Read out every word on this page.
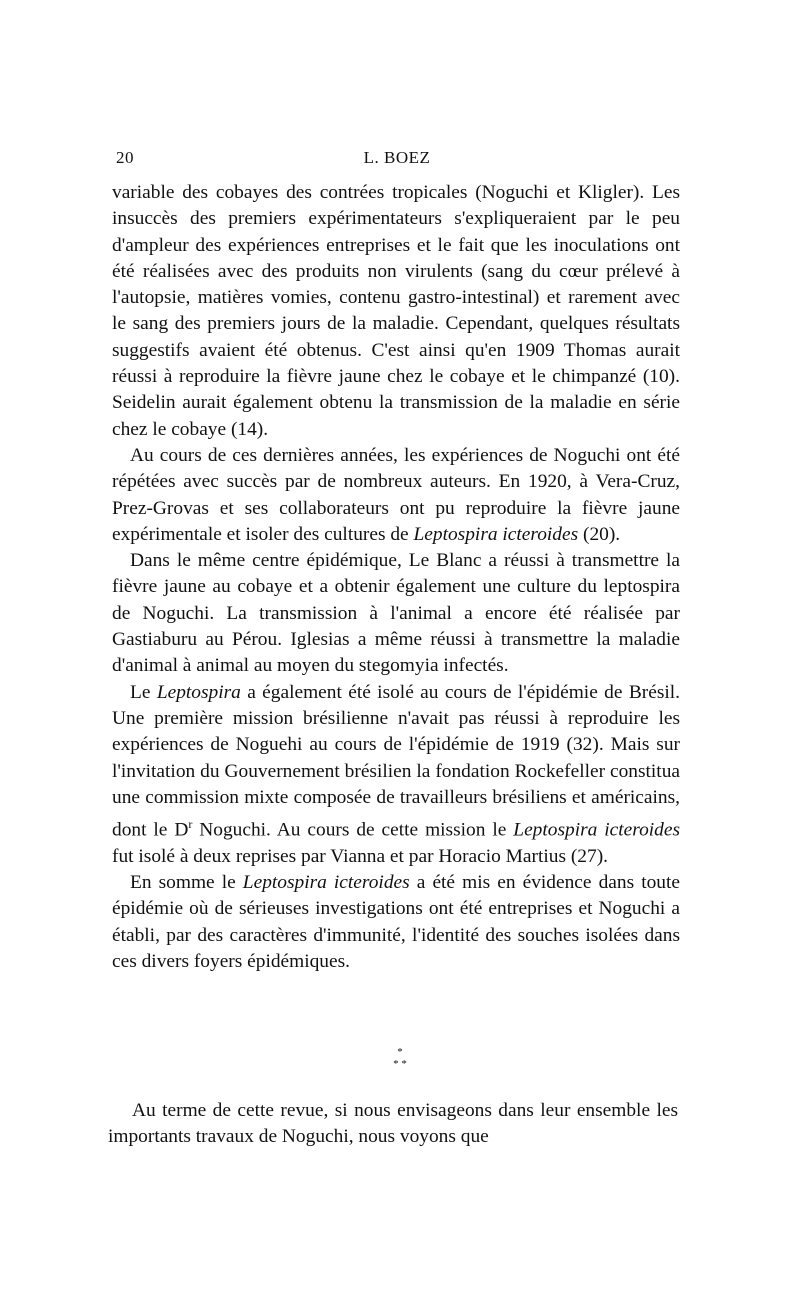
20	L. BOEZ

variable des cobayes des contrées tropicales (Noguchi et Kligler). Les insuccès des premiers expérimentateurs s'expliqueraient par le peu d'ampleur des expériences entreprises et le fait que les inoculations ont été réalisées avec des produits non virulents (sang du cœur prélevé à l'autopsie, matières vomies, contenu gastro-intestinal) et rarement avec le sang des premiers jours de la maladie. Cependant, quelques résultats suggestifs avaient été obtenus. C'est ainsi qu'en 1909 Thomas aurait réussi à reproduire la fièvre jaune chez le cobaye et le chimpanzé (10). Seidelin aurait également obtenu la transmission de la maladie en série chez le cobaye (14).

Au cours de ces dernières années, les expériences de Noguchi ont été répétées avec succès par de nombreux auteurs. En 1920, à Vera-Cruz, Prez-Grovas et ses collaborateurs ont pu reproduire la fièvre jaune expérimentale et isoler des cultures de Leptospira icteroides (20).

Dans le même centre épidémique, Le Blanc a réussi à transmettre la fièvre jaune au cobaye et a obtenir également une culture du leptospira de Noguchi. La transmission à l'animal a encore été réalisée par Gastiaburu au Pérou. Iglesias a même réussi à transmettre la maladie d'animal à animal au moyen du stegomyia infectés.

Le Leptospira a également été isolé au cours de l'épidémie de Brésil. Une première mission brésilienne n'avait pas réussi à reproduire les expériences de Noguehi au cours de l'épidémie de 1919 (32). Mais sur l'invitation du Gouvernement brésilien la fondation Rockefeller constitua une commission mixte composée de travailleurs brésiliens et américains, dont le $D^r$ Noguchi. Au cours de cette mission le Leptospira icteroides fut isolé à deux reprises par Vianna et par Horacio Martius (27).

En somme le Leptospira icteroides a été mis en évidence dans toute épidémie où de sérieuses investigations ont été entreprises et Noguchi a établi, par des caractères d'immunité, l'identité des souches isolées dans ces divers foyers épidémiques.

*
* *

Au terme de cette revue, si nous envisageons dans leur ensemble les importants travaux de Noguchi, nous voyons que
